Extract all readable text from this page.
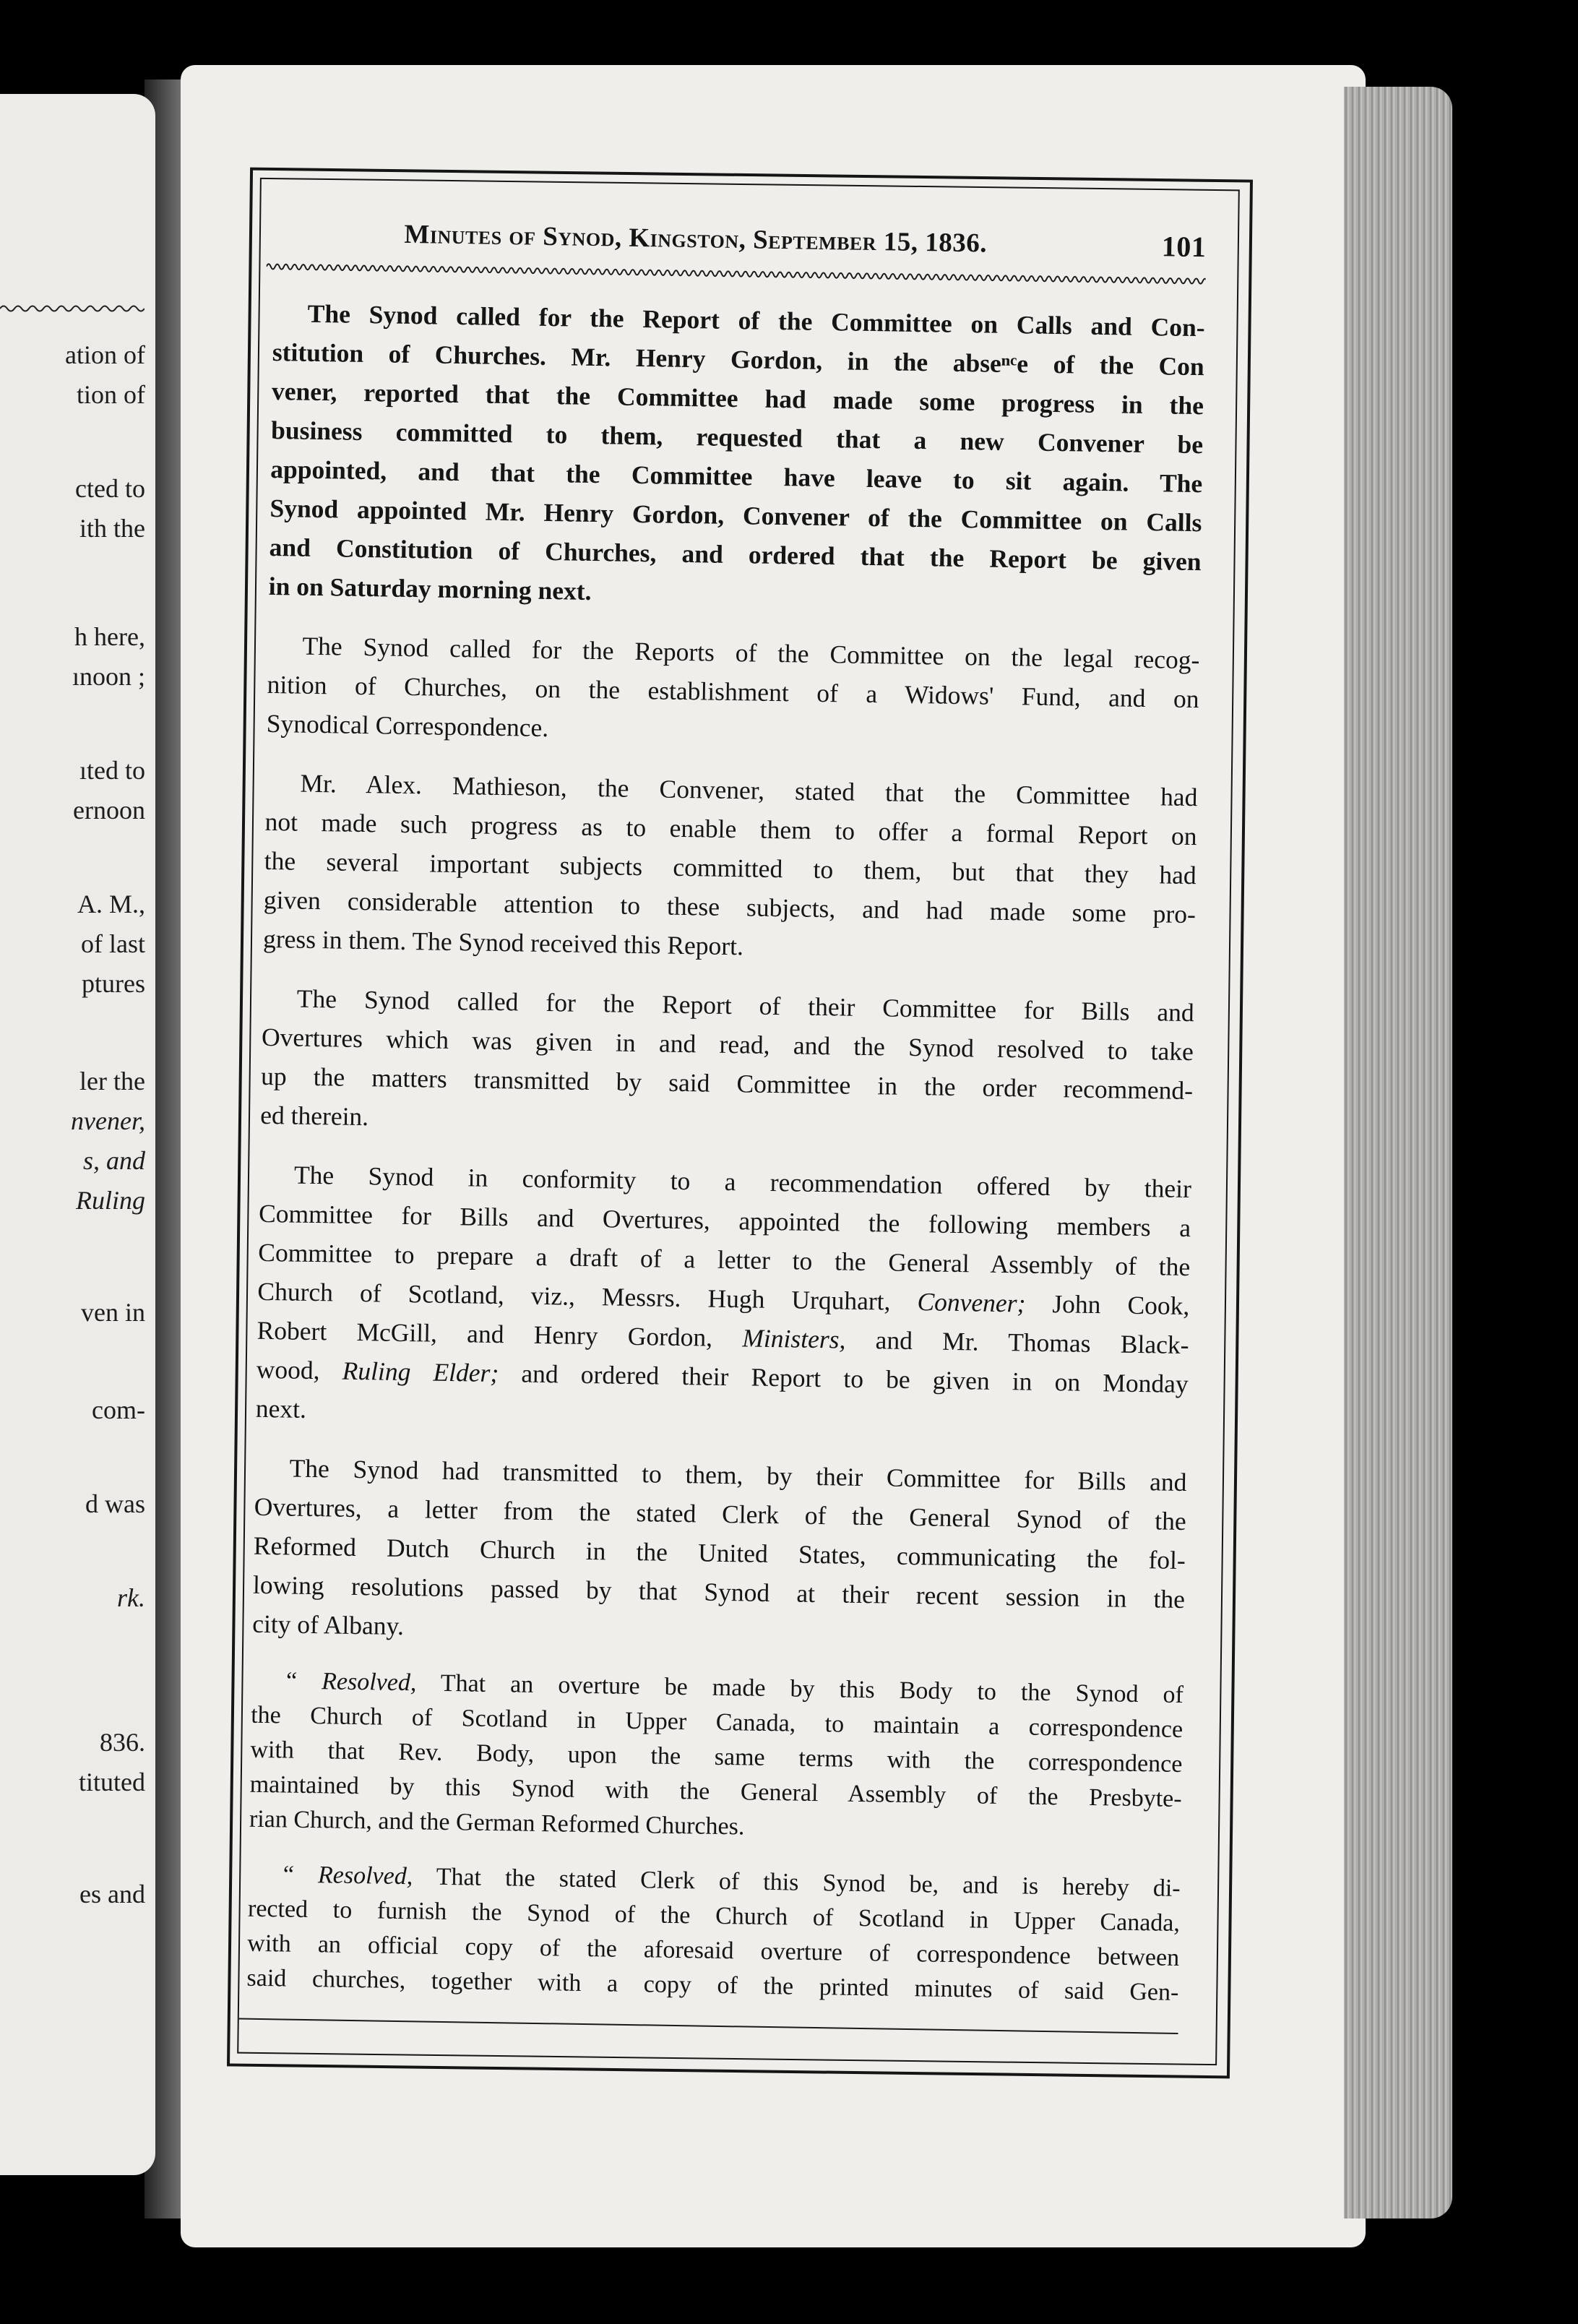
ation of
tion of
cted to
ith the
h here,
ınoon ;
ıted to
ernoon
A. M.,
of last
ptures
ler the
nvener,
s, and
Ruling
ven in
com-
d was
rk.
836.
tituted
es and
Minutes of Synod, Kingston, September 15, 1836.	101
The Synod called for the Report of the Committee on Calls and Con-
stitution of Churches. Mr. Henry Gordon, in the abseⁿᶜe of the Con
vener, reported that the Committee had made some progress in the
business committed to them, requested that a new Convener be
appointed, and that the Committee have leave to sit again. The
Synod appointed Mr. Henry Gordon, Convener of the Committee on Calls
and Constitution of Churches, and ordered that the Report be given
in on Saturday morning next.
The Synod called for the Reports of the Committee on the legal recog-
nition of Churches, on the establishment of a Widows' Fund, and on
Synodical Correspondence.
Mr. Alex. Mathieson, the Convener, stated that the Committee had
not made such progress as to enable them to offer a formal Report on
the several important subjects committed to them, but that they had
given considerable attention to these subjects, and had made some pro-
gress in them. The Synod received this Report.
The Synod called for the Report of their Committee for Bills and
Overtures which was given in and read, and the Synod resolved to take
up the matters transmitted by said Committee in the order recommend-
ed therein.
The Synod in conformity to a recommendation offered by their
Committee for Bills and Overtures, appointed the following members a
Committee to prepare a draft of a letter to the General Assembly of the
Church of Scotland, viz., Messrs. Hugh Urquhart, Convener; John Cook,
Robert McGill, and Henry Gordon, Ministers, and Mr. Thomas Black-
wood, Ruling Elder; and ordered their Report to be given in on Monday
next.
The Synod had transmitted to them, by their Committee for Bills and
Overtures, a letter from the stated Clerk of the General Synod of the
Reformed Dutch Church in the United States, communicating the fol-
lowing resolutions passed by that Synod at their recent session in the
city of Albany.
“ Resolved, That an overture be made by this Body to the Synod of
the Church of Scotland in Upper Canada, to maintain a correspondence
with that Rev. Body, upon the same terms with the correspondence
maintained by this Synod with the General Assembly of the Presbyte-
rian Church, and the German Reformed Churches.
“ Resolved, That the stated Clerk of this Synod be, and is hereby di-
rected to furnish the Synod of the Church of Scotland in Upper Canada,
with an official copy of the aforesaid overture of correspondence between
said churches, together with a copy of the printed minutes of said Gen-
